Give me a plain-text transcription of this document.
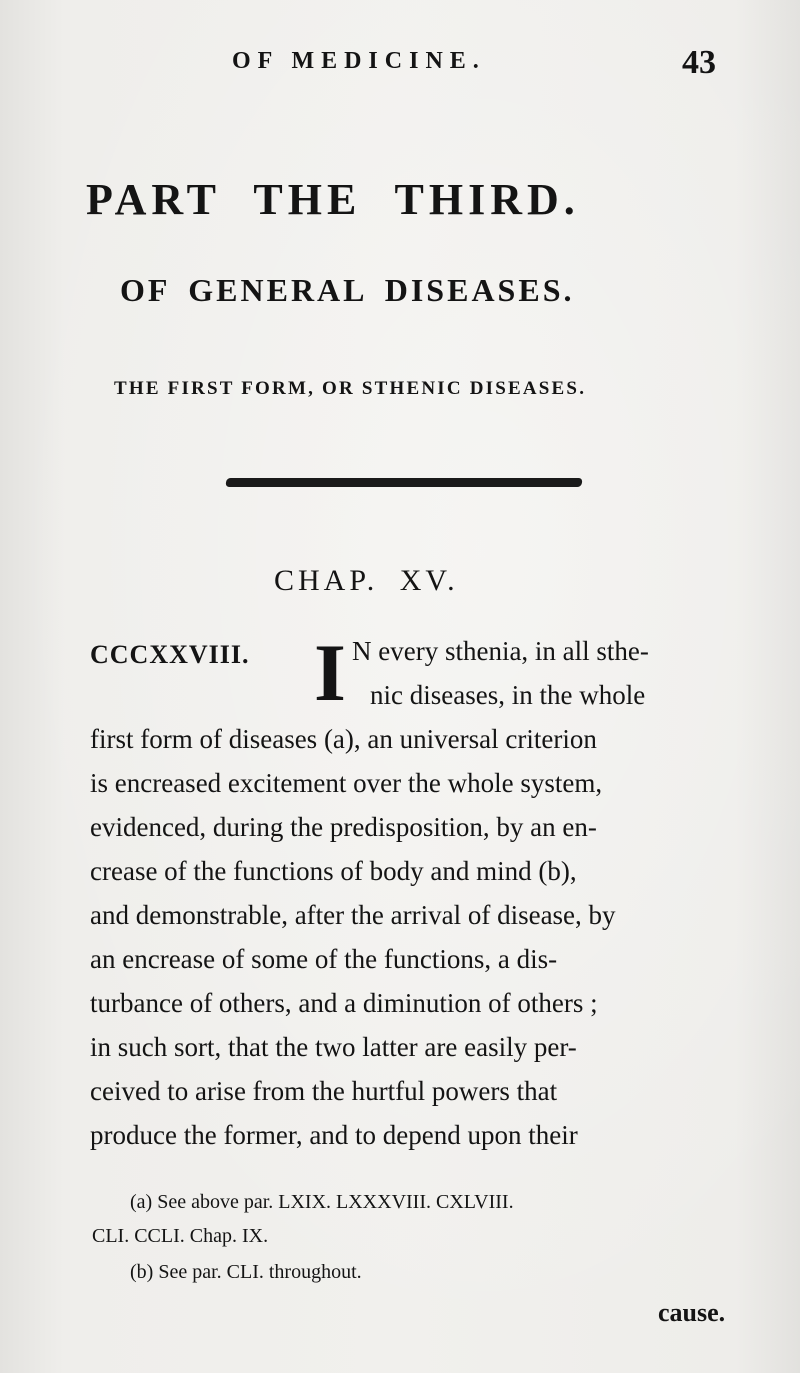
OF MEDICINE.	43
PART THE THIRD.
OF GENERAL DISEASES.
THE FIRST FORM, OR STHENIC DISEASES.
CHAP. XV.
CCCXXVIII. I N every sthenia, in all sthe-
nic diseases, in the whole
first form of diseases (a), an universal criterion
is encreased excitement over the whole system,
evidenced, during the predisposition, by an en-
crease of the functions of body and mind (b),
and demonstrable, after the arrival of disease, by
an encrease of some of the functions, a dis-
turbance of others, and a diminution of others ;
in such sort, that the two latter are easily per-
ceived to arise from the hurtful powers that
produce the former, and to depend upon their
(a) See above par. LXIX. LXXXVIII. CXLVIII.
CLI. CCLI. Chap. IX.
(b) See par. CLI. throughout.
cause.
